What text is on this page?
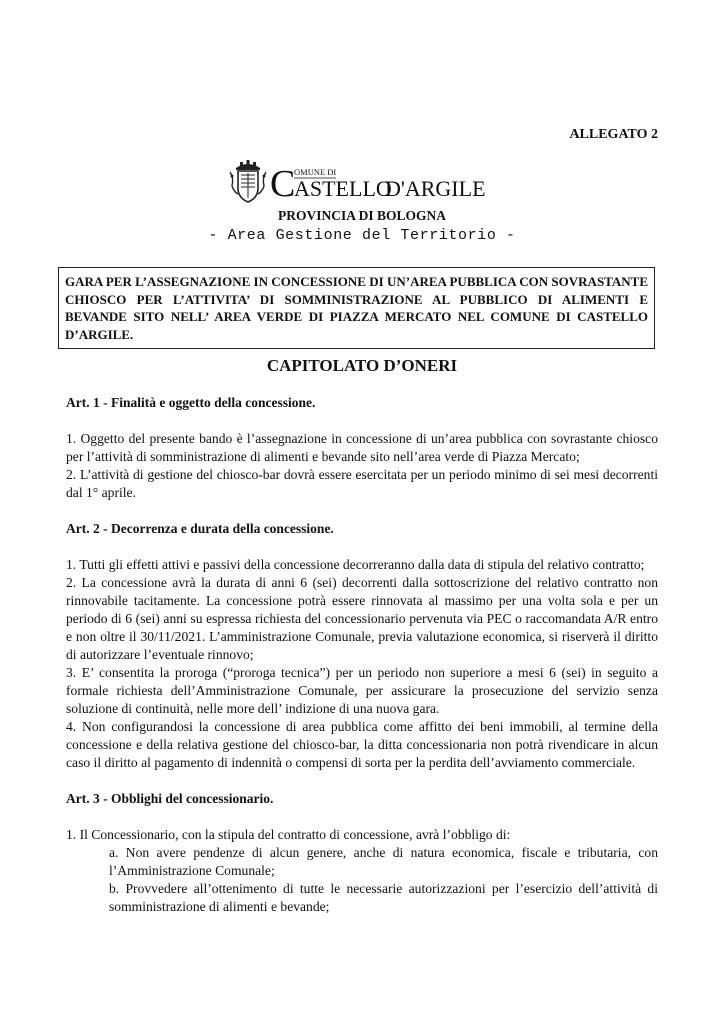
ALLEGATO 2
C
OMUNE DI
ASTELLO
D'ARGILE
PROVINCIA DI BOLOGNA
- Area Gestione del Territorio -
GARA PER L’ASSEGNAZIONE IN CONCESSIONE DI UN’AREA PUBBLICA CON SOVRASTANTE CHIOSCO PER L’ATTIVITA’ DI SOMMINISTRAZIONE AL PUBBLICO DI ALIMENTI E BEVANDE SITO NELL’ AREA VERDE DI PIAZZA MERCATO NEL COMUNE DI CASTELLO D’ARGILE.
CAPITOLATO D’ONERI
Art. 1 - Finalità e oggetto della concessione.

1. Oggetto del presente bando è l’assegnazione in concessione di un’area pubblica con sovrastante chiosco per l’attività di somministrazione di alimenti e bevande sito nell’area verde di Piazza Mercato;

2. L’attività di gestione del chiosco-bar dovrà essere esercitata per un periodo minimo di sei mesi decorrenti dal 1° aprile.

Art. 2 - Decorrenza e durata della concessione.

1. Tutti gli effetti attivi e passivi della concessione decorreranno dalla data di stipula del relativo contratto;

2. La concessione avrà la durata di anni 6 (sei) decorrenti dalla sottoscrizione del relativo contratto non rinnovabile tacitamente. La concessione potrà essere rinnovata al massimo per una volta sola e per un periodo di 6 (sei) anni su espressa richiesta del concessionario pervenuta via PEC o raccomandata A/R entro e non oltre il 30/11/2021. L’amministrazione Comunale, previa valutazione economica, si riserverà il diritto di autorizzare l’eventuale rinnovo;

3. E’ consentita la proroga (“proroga tecnica”) per un periodo non superiore a mesi 6 (sei) in seguito a formale richiesta dell’Amministrazione Comunale, per assicurare la prosecuzione del servizio senza soluzione di continuità, nelle more dell’ indizione di una nuova gara.

4. Non configurandosi la concessione di area pubblica come affitto dei beni immobili, al termine della concessione e della relativa gestione del chiosco-bar, la ditta concessionaria non potrà rivendicare in alcun caso il diritto al pagamento di indennità o compensi di sorta per la perdita dell’avviamento commerciale.

Art. 3 - Obblighi del concessionario.

1. Il Concessionario, con la stipula del contratto di concessione, avrà l’obbligo di:

a. Non avere pendenze di alcun genere, anche di natura economica, fiscale e tributaria, con l’Amministrazione Comunale;

b. Provvedere all’ottenimento di tutte le necessarie autorizzazioni per l’esercizio dell’attività di somministrazione di alimenti e bevande;
